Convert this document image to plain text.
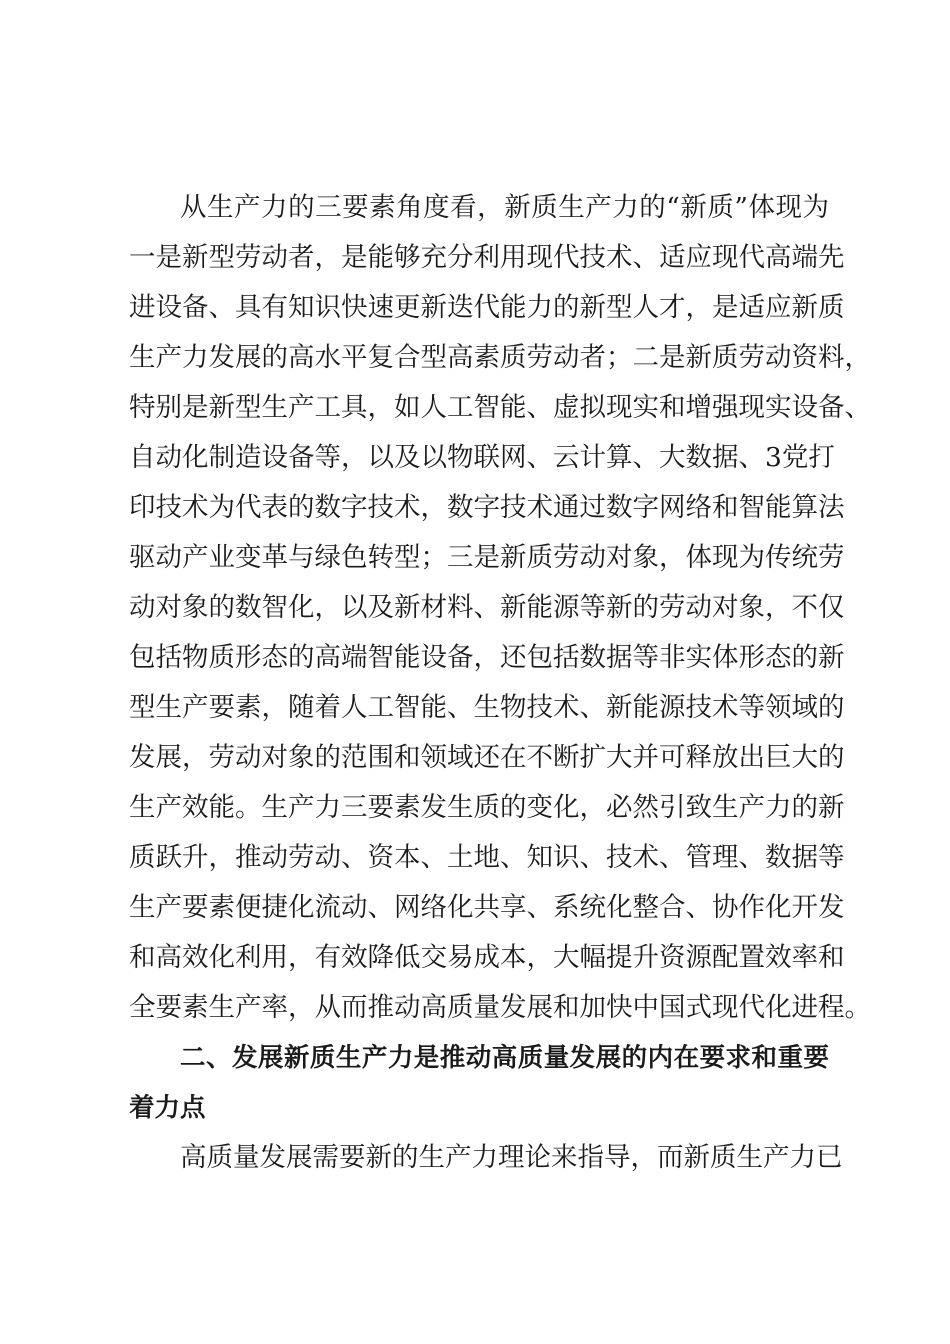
从生产力的三要素角度看，新质生产力的“新质”体现为
一是新型劳动者，是能够充分利用现代技术、适应现代高端先
进设备、具有知识快速更新迭代能力的新型人才，是适应新质
生产力发展的高水平复合型高素质劳动者；二是新质劳动资料，
特别是新型生产工具，如人工智能、虚拟现实和增强现实设备、
自动化制造设备等，以及以物联网、云计算、大数据、3党打
印技术为代表的数字技术，数字技术通过数字网络和智能算法
驱动产业变革与绿色转型；三是新质劳动对象，体现为传统劳
动对象的数智化，以及新材料、新能源等新的劳动对象，不仅
包括物质形态的高端智能设备，还包括数据等非实体形态的新
型生产要素，随着人工智能、生物技术、新能源技术等领域的
发展，劳动对象的范围和领域还在不断扩大并可释放出巨大的
生产效能。生产力三要素发生质的变化，必然引致生产力的新
质跃升，推动劳动、资本、土地、知识、技术、管理、数据等
生产要素便捷化流动、网络化共享、系统化整合、协作化开发
和高效化利用，有效降低交易成本，大幅提升资源配置效率和
全要素生产率，从而推动高质量发展和加快中国式现代化进程。
二、发展新质生产力是推动高质量发展的内在要求和重要
着力点
高质量发展需要新的生产力理论来指导，而新质生产力已
